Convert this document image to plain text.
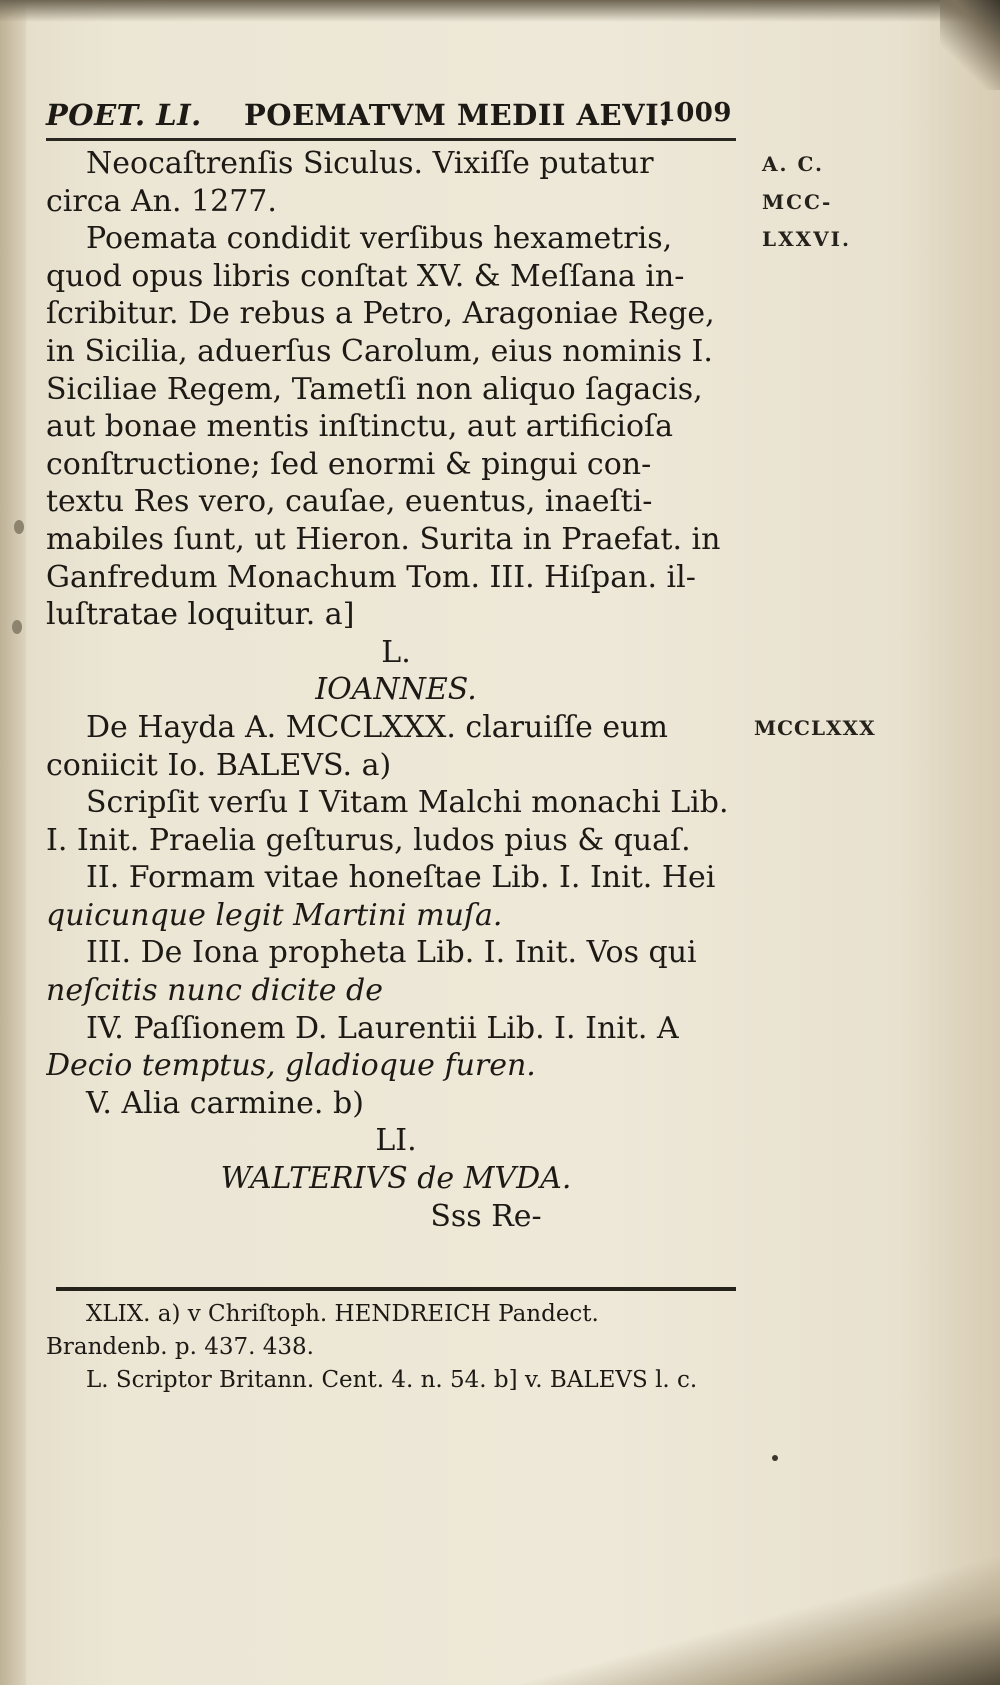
POET. LI. POEMATVM MEDII AEVI.
1009
Neocaſtrenſis Siculus. Vixiſſe putatur
circa An. 1277.
Poemata condidit verſibus hexametris,
quod opus libris conſtat XV. & Meſſana in-
ſcribitur. De rebus a Petro, Aragoniae Rege,
in Sicilia, aduerſus Carolum, eius nominis I.
Siciliae Regem, Tametſi non aliquo ſagacis,
aut bonae mentis inſtinctu, aut artificioſa
conſtructione; ſed enormi & pingui con-
textu Res vero, cauſae, euentus, inaeſti-
mabiles ſunt, ut Hieron. Surita in Praefat. in
Ganfredum Monachum Tom. III. Hiſpan. il-
luſtratae loquitur. a]
L.
IOANNES.
De Hayda A. MCCLXXX. claruiſſe eum
coniicit Io. BALEVS. a)
Scripſit verſu I Vitam Malchi monachi Lib.
I. Init. Praelia geſturus, ludos pius & quaſ.
II. Formam vitae honeſtae Lib. I. Init. Hei
quicunque legit Martini muſa.
III. De Iona propheta Lib. I. Init. Vos qui
neſcitis nunc dicite de
IV. Paſſionem D. Laurentii Lib. I. Init. A
Decio temptus, gladioque furen.
V. Alia carmine. b)
LI.
WALTERIVS de MVDA.
Sss Re-
A. C.
MCC-
LXXVI.
MCCLXXX
XLIX. a) v Chriſtoph. HENDREICH Pandect.
Brandenb. p. 437. 438.
L. Scriptor Britann. Cent. 4. n. 54. b] v. BALEVS l. c.
